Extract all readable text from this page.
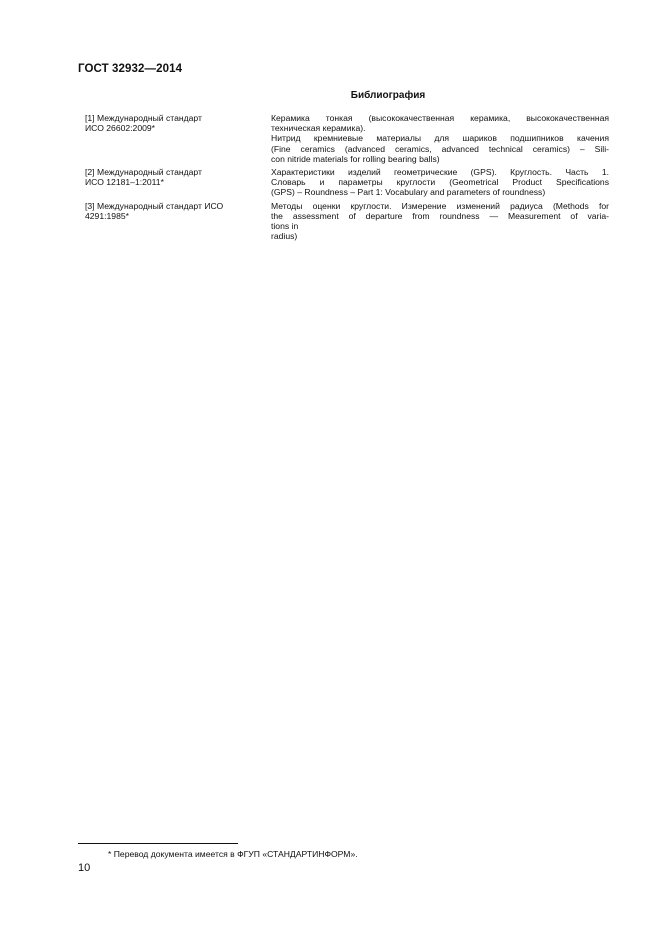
ГОСТ 32932—2014
Библиография
[1] Международный стандарт
ИСО 26602:2009*
Керамика тонкая (высококачественная керамика, высококачественная
техническая керамика).
Нитрид кремниевые материалы для шариков подшипников качения
(Fine ceramics (advanced ceramics, advanced technical ceramics) – Sili-
con nitride materials for rolling bearing balls)
[2] Международный стандарт
ИСО 12181–1:2011*
Характеристики изделий геометрические (GPS). Круглость. Часть 1.
Словарь и параметры круглости (Geometrical Product Specifications
(GPS) – Roundness – Part 1: Vocabulary and parameters of roundness)
[3] Международный стандарт ИСО
4291:1985*
Методы оценки круглости. Измерение изменений радиуса (Methods for
the assessment of departure from roundness — Measurement of varia-
tions in
radius)
* Перевод документа имеется в ФГУП «СТАНДАРТИНФОРМ».
10
